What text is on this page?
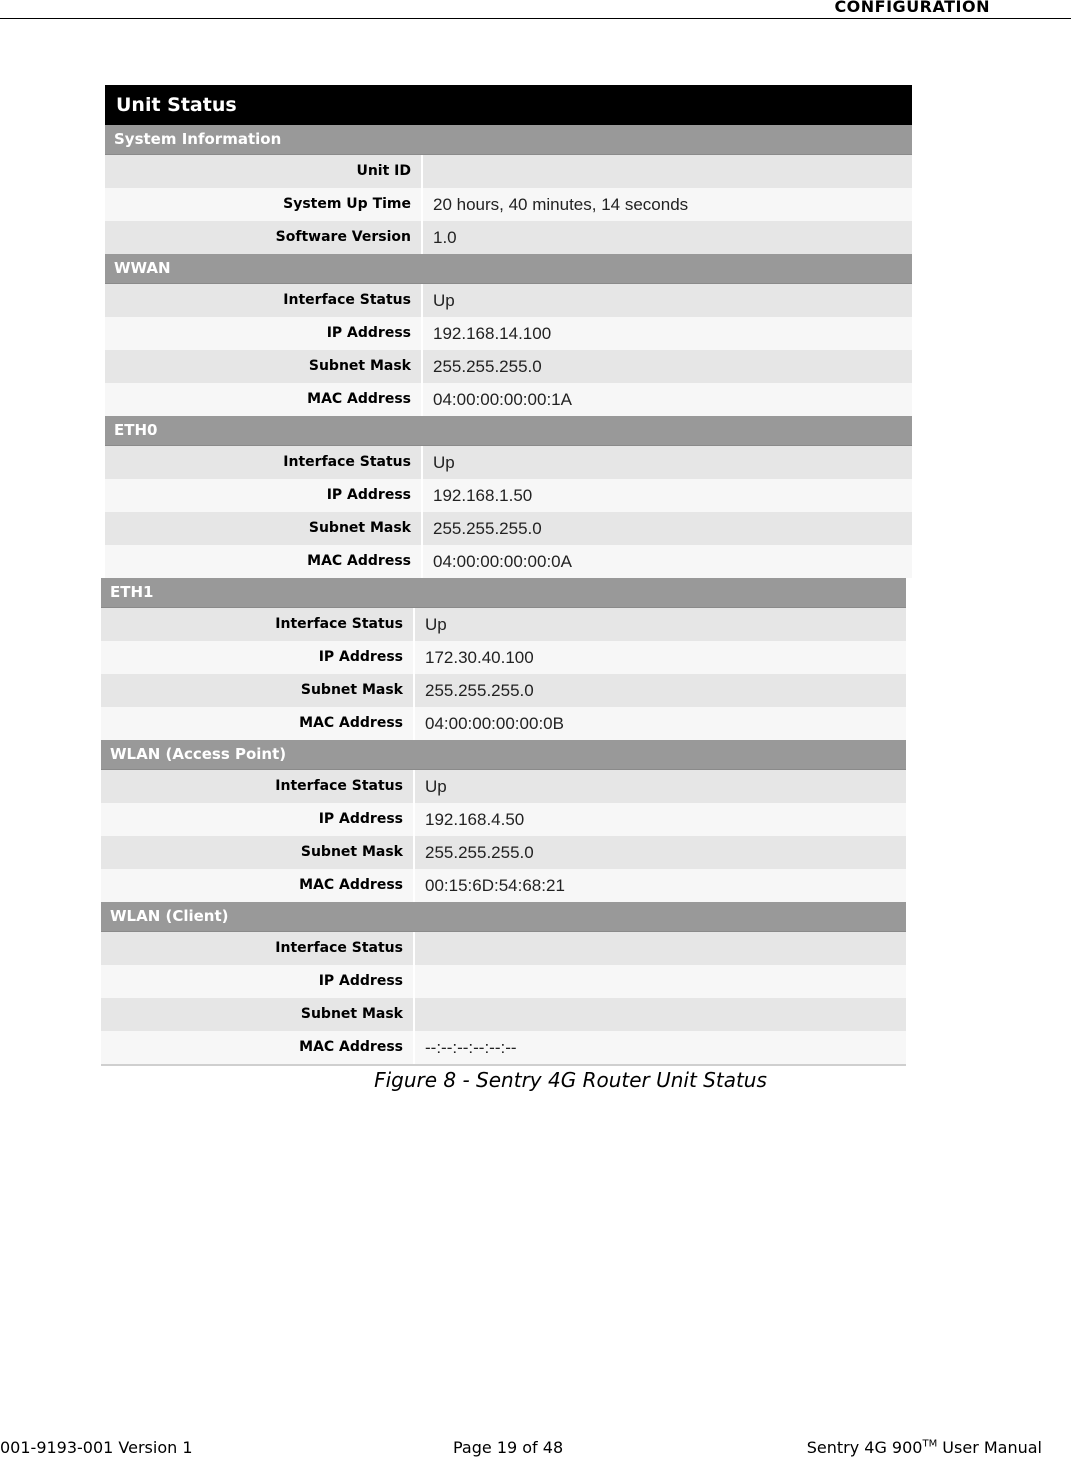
CONFIGURATION
Unit Status
System Information
Unit ID
System Up Time	20 hours, 40 minutes, 14 seconds
Software Version	1.0
WWAN
Interface Status	Up
IP Address	192.168.14.100
Subnet Mask	255.255.255.0
MAC Address	04:00:00:00:00:1A
ETH0
Interface Status	Up
IP Address	192.168.1.50
Subnet Mask	255.255.255.0
MAC Address	04:00:00:00:00:0A
ETH1
Interface Status	Up
IP Address	172.30.40.100
Subnet Mask	255.255.255.0
MAC Address	04:00:00:00:00:0B
WLAN (Access Point)
Interface Status	Up
IP Address	192.168.4.50
Subnet Mask	255.255.255.0
MAC Address	00:15:6D:54:68:21
WLAN (Client)
Interface Status
IP Address
Subnet Mask
MAC Address	--:--:--:--:--:--
Figure 8 - Sentry 4G Router Unit Status
001-9193-001 Version 1	Page 19 of 48	Sentry 4G 900™ User Manual
